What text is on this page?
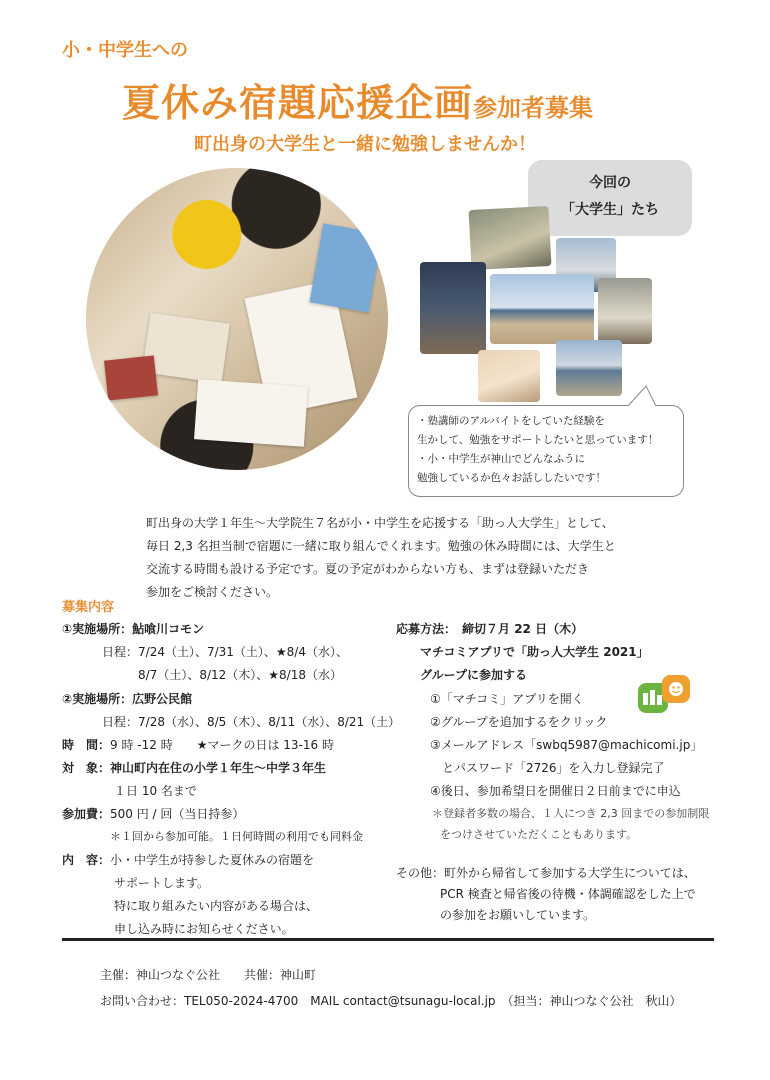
小・中学生への
夏休み宿題応援企画参加者募集
町出身の大学生と一緒に勉強しませんか！
今回の
「大学生」たち
・塾講師のアルバイトをしていた経験を
生かして、勉強をサポートしたいと思っています！
・小・中学生が神山でどんなふうに
勉強しているか色々お話ししたいです！
町出身の大学１年生〜大学院生７名が小・中学生を応援する「助っ人大学生」として、
毎日 2,3 名担当制で宿題に一緒に取り組んでくれます。勉強の休み時間には、大学生と
交流する時間も設ける予定です。夏の予定がわからない方も、まずは登録いただき
参加をご検討ください。
募集内容
①実施場所：鮎喰川コモン
日程：7/24（土）、7/31（土）、★8/4（水）、
8/7（土）、8/12（木）、★8/18（水）
②実施場所：広野公民館
日程：7/28（水）、8/5（木）、8/11（水）、8/21（土）
時　間：9 時 -12 時　　★マークの日は 13-16 時
対　象：神山町内在住の小学１年生〜中学３年生
１日 10 名まで
参加費：500 円 / 回（当日持参）
＊１回から参加可能。１日何時間の利用でも同料金
内　容：小・中学生が持参した夏休みの宿題を
サポートします。
特に取り組みたい内容がある場合は、
申し込み時にお知らせください。
応募方法：　 締切７月 22 日（木）
マチコミアプリで「助っ人大学生 2021」
グループに参加する
①「マチコミ」アプリを開く
②グループを追加するをクリック
③メールアドレス「swbq5987@machicomi.jp」
　とパスワード「2726」を入力し登録完了
④後日、参加希望日を開催日２日前までに申込
＊登録者多数の場合、１人につき 2,3 回までの参加制限
をつけさせていただくこともあります。
その他：町外から帰省して参加する大学生については、
PCR 検査と帰省後の待機・体調確認をした上で
の参加をお願いしています。
主催：神山つなぐ公社　　共催：神山町
お問い合わせ：TEL050-2024-4700　MAIL contact@tsunagu-local.jp　（担当：神山つなぐ公社　秋山）
